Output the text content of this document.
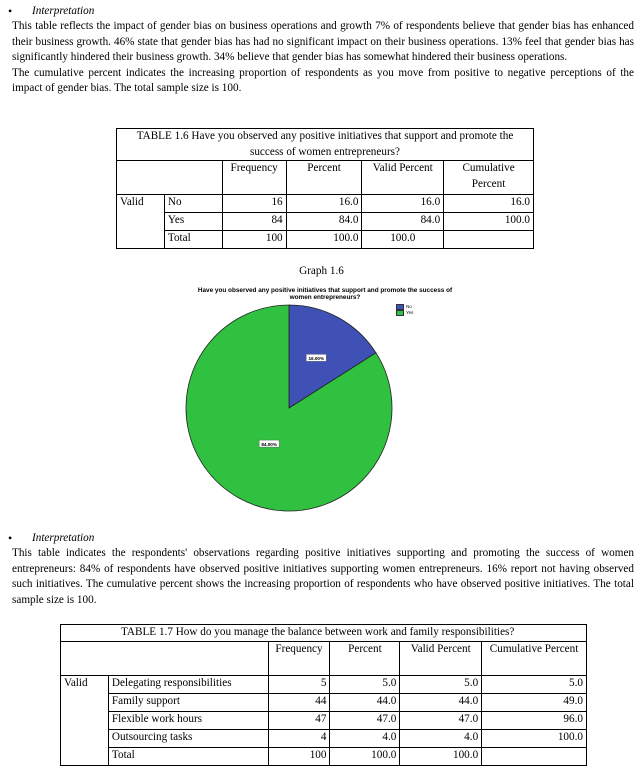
•	Interpretation

This table reflects the impact of gender bias on business operations and growth 7% of respondents believe that gender bias has enhanced their business growth. 46% state that gender bias has had no significant impact on their business operations. 13% feel that gender bias has significantly hindered their business growth. 34% believe that gender bias has somewhat hindered their business operations.

The cumulative percent indicates the increasing proportion of respondents as you move from positive to negative perceptions of the impact of gender bias. The total sample size is 100.

TABLE 1.6 Have you observed any positive initiatives that support and promote the success of women entrepreneurs?					
		Frequency	Percent	Valid Percent	Cumulative Percent
Valid	No	16	16.0	16.0	16.0
	Yes	84	84.0	84.0	100.0
	Total	100	100.0	100.0	
Graph 1.6
Have you observed any positive initiatives that support and promote the success of women entrepreneurs?
No
Yes
16.00%
84.00%
•	Interpretation

This table indicates the respondents' observations regarding positive initiatives supporting and promoting the success of women entrepreneurs: 84% of respondents have observed positive initiatives supporting women entrepreneurs. 16% report not having observed such initiatives. The cumulative percent shows the increasing proportion of respondents who have observed positive initiatives. The total sample size is 100.

TABLE 1.7 How do you manage the balance between work and family responsibilities?					
		Frequency	Percent	Valid Percent	Cumulative Percent
Valid	Delegating responsibilities	5	5.0	5.0	5.0
	Family support	44	44.0	44.0	49.0
	Flexible work hours	47	47.0	47.0	96.0
	Outsourcing tasks	4	4.0	4.0	100.0
	Total	100	100.0	100.0	
